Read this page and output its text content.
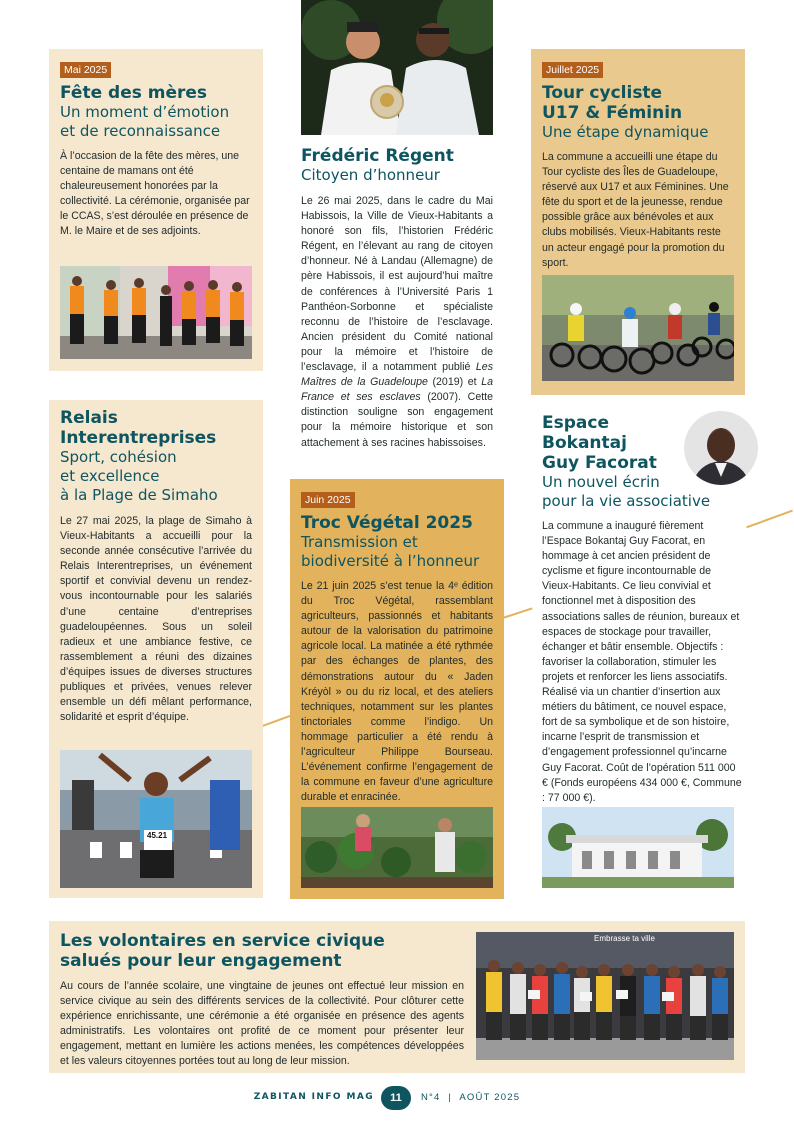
Mai 2025
Fête des mères
Un moment d’émotion
et de reconnaissance

À l’occasion de la fête des mères, une centaine de mamans ont été chaleureusement honorées par la collectivité. La cérémonie, organisée par le CCAS, s’est déroulée en présence de M. le Maire et de ses adjoints.

Frédéric Régent
Citoyen d’honneur

Le 26 mai 2025, dans le cadre du Mai Habissois, la Ville de Vieux-Habitants a honoré son fils, l’historien Frédéric Régent, en l’élevant au rang de citoyen d’honneur. Né à Landau (Allemagne) de père Habissois, il est aujourd’hui maître de conférences à l’Université Paris 1 Panthéon-Sorbonne et spécialiste reconnu de l’histoire de l’esclavage. Ancien président du Comité national pour la mémoire et l’histoire de l’esclavage, il a notamment publié Les Maîtres de la Guadeloupe (2019) et La France et ses esclaves (2007). Cette distinction souligne son engagement pour la mémoire historique et son attachement à ses racines habissoises.

Juillet 2025
Tour cycliste
U17 & Féminin
Une étape dynamique

La commune a accueilli une étape du Tour cycliste des Îles de Guadeloupe, réservé aux U17 et aux Féminines. Une fête du sport et de la jeunesse, rendue possible grâce aux bénévoles et aux clubs mobilisés. Vieux-Habitants reste un acteur engagé pour la promotion du sport.

Relais
Interentreprises
Sport, cohésion
et excellence
à la Plage de Simaho

Le 27 mai 2025, la plage de Simaho à Vieux-Habitants a accueilli pour la seconde année consécutive l’arrivée du Relais Interentreprises, un événement sportif et convivial devenu un rendez-vous incontournable pour les salariés d’une centaine d’entreprises guadeloupéennes. Sous un soleil radieux et une ambiance festive, ce rassemblement a réuni des dizaines d’équipes issues de diverses structures publiques et privées, venues relever ensemble un défi mêlant performance, solidarité et esprit d’équipe.

45.21
Juin 2025
Troc Végétal 2025
Transmission et
biodiversité à l’honneur

Le 21 juin 2025 s’est tenue la 4ᵉ édition du Troc Végétal, rassemblant agriculteurs, passionnés et habitants autour de la valorisation du patrimoine agricole local. La matinée a été rythmée par des échanges de plantes, des démonstrations autour du « Jaden Kréyòl » ou du riz local, et des ateliers techniques, notamment sur les plantes tinctoriales comme l’indigo. Un hommage particulier a été rendu à l’agriculteur Philippe Bourseau. L’événement confirme l’engagement de la commune en faveur d’une agriculture durable et enracinée.

Espace
Bokantaj
Guy Facorat
Un nouvel écrin
pour la vie associative

La commune a inauguré fièrement l’Espace Bokantaj Guy Facorat, en hommage à cet ancien président de cyclisme et figure incontournable de Vieux-Habitants. Ce lieu convivial et fonctionnel met à disposition des associations salles de réunion, bureaux et espaces de stockage pour travailler, échanger et bâtir ensemble. Objectifs : favoriser la collaboration, stimuler les projets et renforcer les liens associatifs. Réalisé via un chantier d’insertion aux métiers du bâtiment, ce nouvel espace, fort de sa symbolique et de son histoire, incarne l’esprit de transmission et d’engagement professionnel qu’incarne Guy Facorat. Coût de l’opération 511 000 € (Fonds européens 434 000 €, Commune : 77 000 €).

Les volontaires en service civique
salués pour leur engagement

Au cours de l’année scolaire, une vingtaine de jeunes ont effectué leur mission en service civique au sein des différents services de la collectivité. Pour clôturer cette expérience enrichissante, une cérémonie a été organisée en présence des agents administratifs. Les volontaires ont profité de ce moment pour présenter leur engagement, mettant en lumière les actions menées, les compétences développées et les valeurs citoyennes portées tout au long de leur mission.

Embrasse ta ville
ZABITAN INFO MAG	11	N°4 | AOÛT 2025
